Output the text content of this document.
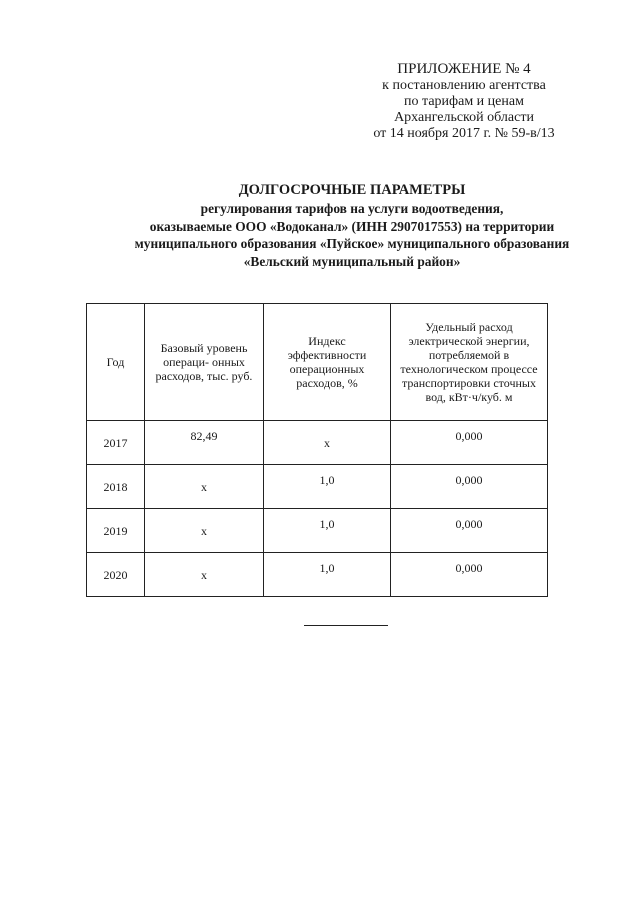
ПРИЛОЖЕНИЕ № 4
к постановлению агентства
по тарифам и ценам
Архангельской области
от 14 ноября 2017 г. № 59-в/13
ДОЛГОСРОЧНЫЕ ПАРАМЕТРЫ
регулирования тарифов на услуги водоотведения,
оказываемые ООО «Водоканал» (ИНН 2907017553) на территории
муниципального образования «Пуйское» муниципального образования
«Вельский муниципальный район»
Год	Базовый уровень операци- онных расходов, тыс. руб.	Индекс эффективности операционных расходов, %	Удельный расход электрической энергии, потребляемой в технологическом процессе транспортировки сточных вод, кВт·ч/куб. м
2017	82,49	х	0,000
2018	х	1,0	0,000
2019	х	1,0	0,000
2020	х	1,0	0,000
